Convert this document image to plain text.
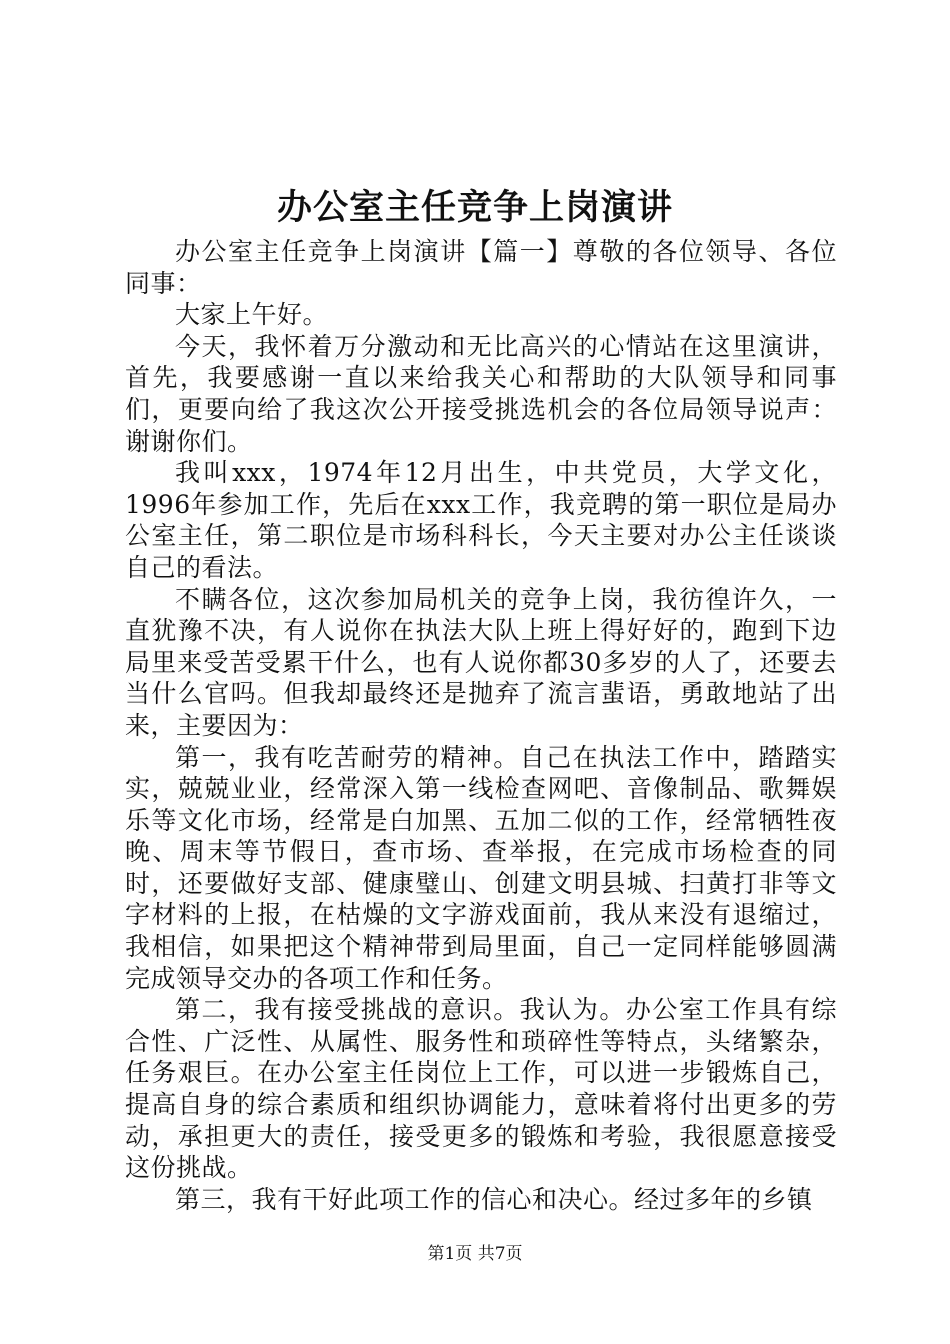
办公室主任竞争上岗演讲

办公室主任竞争上岗演讲【篇一】尊敬的各位领导、各位同事：

大家上午好。

今天，我怀着万分激动和无比高兴的心情站在这里演讲，首先，我要感谢一直以来给我关心和帮助的大队领导和同事们，更要向给了我这次公开接受挑选机会的各位局领导说声：谢谢你们。

我叫xxx，1974年12月出生，中共党员，大学文化，1996年参加工作，先后在xxx工作，我竞聘的第一职位是局办公室主任，第二职位是市场科科长，今天主要对办公主任谈谈自己的看法。

不瞒各位，这次参加局机关的竞争上岗，我彷徨许久，一直犹豫不决，有人说你在执法大队上班上得好好的，跑到下边局里来受苦受累干什么，也有人说你都30多岁的人了，还要去当什么官吗。但我却最终还是抛弃了流言蜚语，勇敢地站了出来，主要因为：

第一，我有吃苦耐劳的精神。自己在执法工作中，踏踏实实，兢兢业业，经常深入第一线检查网吧、音像制品、歌舞娱乐等文化市场，经常是白加黑、五加二似的工作，经常牺牲夜晚、周末等节假日，查市场、查举报，在完成市场检查的同时，还要做好支部、健康璧山、创建文明县城、扫黄打非等文字材料的上报，在枯燥的文字游戏面前，我从来没有退缩过，我相信，如果把这个精神带到局里面，自己一定同样能够圆满完成领导交办的各项工作和任务。

第二，我有接受挑战的意识。我认为。办公室工作具有综合性、广泛性、从属性、服务性和琐碎性等特点，头绪繁杂，任务艰巨。在办公室主任岗位上工作，可以进一步锻炼自己，提高自身的综合素质和组织协调能力，意味着将付出更多的劳动，承担更大的责任，接受更多的锻炼和考验，我很愿意接受这份挑战。

第三，我有干好此项工作的信心和决心。经过多年的乡镇

第1页 共7页
